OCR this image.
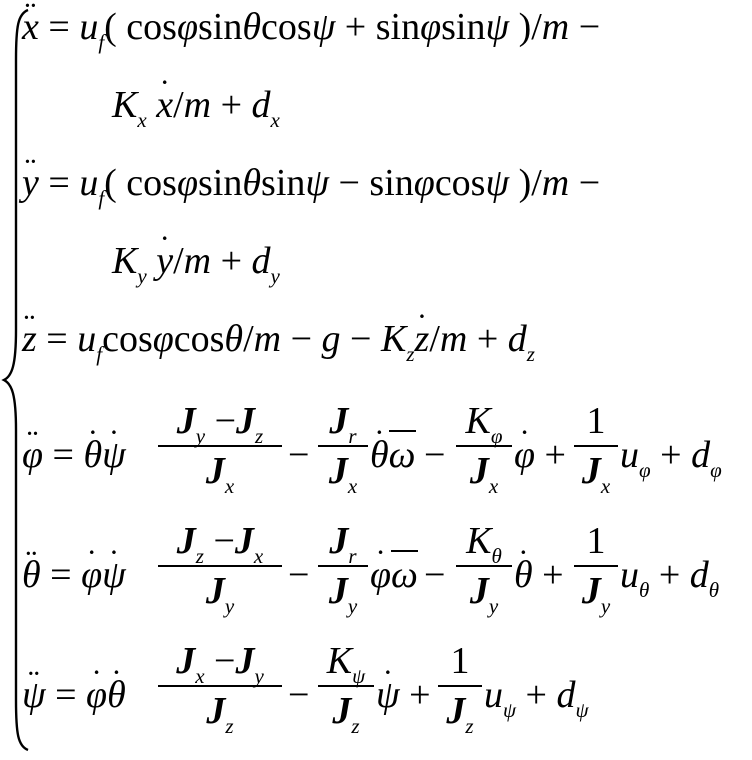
¨ $x = u_f$( cosφsinθcosψ + sinφsinψ )/m −
$K_x$ ˙ $x/m + d_x$
¨ $y = u_f$( cosφsinθsinψ − sinφcosψ )/m −
$K_y$ ˙ $y/m + d_y$
¨ $z = u_f\cos\varphi\cos\theta/m - g$ − $K_z˙$ $z/m + d_z$
¨ φ = ˙ θ˙ ψ
$J_y -J_z$
$J_x$
−
$J_r$
$J_x$
˙ θω −
$K_\varphi$
$J_x$
˙ φ +
1
$J_x$
$u_\varphi + d_\varphi$
¨ θ = ˙ φ˙ ψ
$J_z -J_x$
$J_y$
−
$J_r$
$J_y$
˙ φω −
$K_\theta$
$J_y$
˙ θ +
1
$J_y$
$u_\theta + d_\theta$
¨ ψ = ˙ φ˙ θ
$J_x -J_y$
$J_z$
−
$K_\psi$
$J_z$
˙ ψ +
1
$J_z$
$u_\psi + d_\psi$
